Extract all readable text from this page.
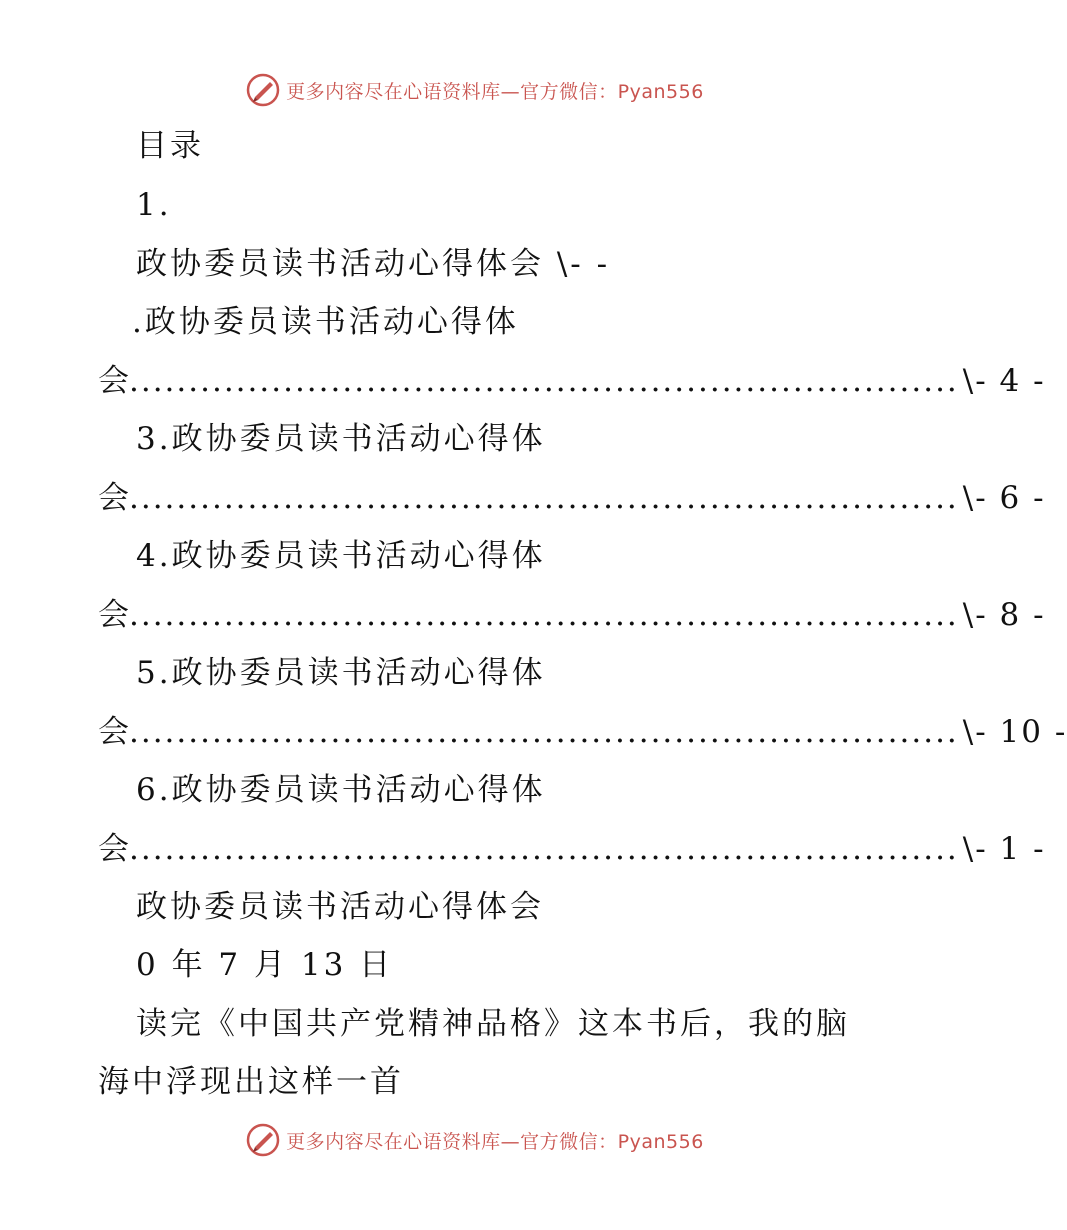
更多内容尽在心语资料库—官方微信：Pyan556
目录
1.
政协委员读书活动心得体会 \- -
.政协委员读书活动心得体
会 ...................................................................... \- 4 -
3.政协委员读书活动心得体
会 ...................................................................... \- 6 -
4.政协委员读书活动心得体
会 ...................................................................... \- 8 -
5.政协委员读书活动心得体
会 ...................................................................... \- 10 -
6.政协委员读书活动心得体
会 ...................................................................... \- 1 -
政协委员读书活动心得体会
0 年 7 月 13 日
读完《中国共产党精神品格》这本书后，我的脑
海中浮现出这样一首
更多内容尽在心语资料库—官方微信：Pyan556
